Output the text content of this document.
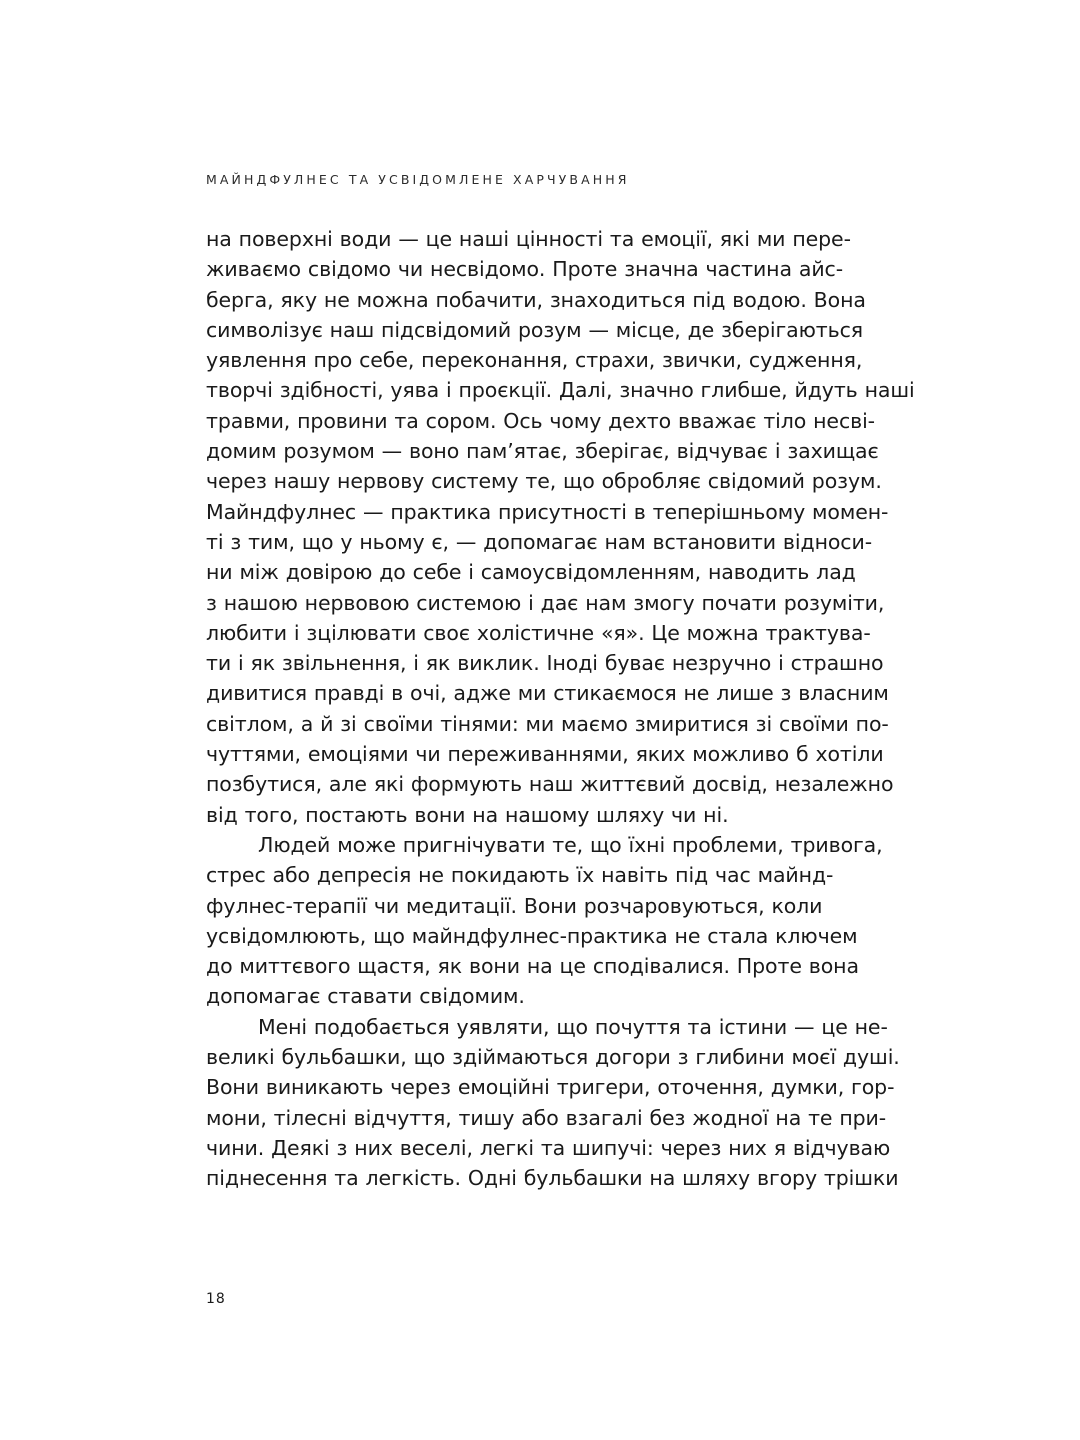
МАЙНДФУЛНЕС ТА УСВІДОМЛЕНЕ ХАРЧУВАННЯ
на поверхні води — це наші цінності та емоції, які ми пере-
живаємо свідомо чи несвідомо. Проте значна частина айс-
берга, яку не можна побачити, знаходиться під водою. Вона
символізує наш підсвідомий розум — місце, де зберігаються
уявлення про себе, переконання, страхи, звички, судження,
творчі здібності, уява і проєкції. Далі, значно глибше, йдуть наші
травми, провини та сором. Ось чому дехто вважає тіло несві-
домим розумом — воно пам’ятає, зберігає, відчуває і захищає
через нашу нервову систему те, що обробляє свідомий розум.
Майндфулнес — практика присутності в теперішньому момен-
ті з тим, що у ньому є, — допомагає нам встановити відноси-
ни між довірою до себе і самоусвідомленням, наводить лад
з нашою нервовою системою і дає нам змогу почати розуміти,
любити і зцілювати своє холістичне «я». Це можна трактува-
ти і як звільнення, і як виклик. Іноді буває незручно і страшно
дивитися правді в очі, адже ми стикаємося не лише з власним
світлом, а й зі своїми тінями: ми маємо змиритися зі своїми по-
чуттями, емоціями чи переживаннями, яких можливо б хотіли
позбутися, але які формують наш життєвий досвід, незалежно
від того, постають вони на нашому шляху чи ні.
Людей може пригнічувати те, що їхні проблеми, тривога,
стрес або депресія не покидають їх навіть під час майнд-
фулнес-терапії чи медитації. Вони розчаровуються, коли
усвідомлюють, що майндфулнес-практика не стала ключем
до миттєвого щастя, як вони на це сподівалися. Проте вона
допомагає ставати свідомим.
Мені подобається уявляти, що почуття та істини — це не-
великі бульбашки, що здіймаються догори з глибини моєї душі.
Вони виникають через емоційні тригери, оточення, думки, гор-
мони, тілесні відчуття, тишу або взагалі без жодної на те при-
чини. Деякі з них веселі, легкі та шипучі: через них я відчуваю
піднесення та легкість. Одні бульбашки на шляху вгору трішки
18
